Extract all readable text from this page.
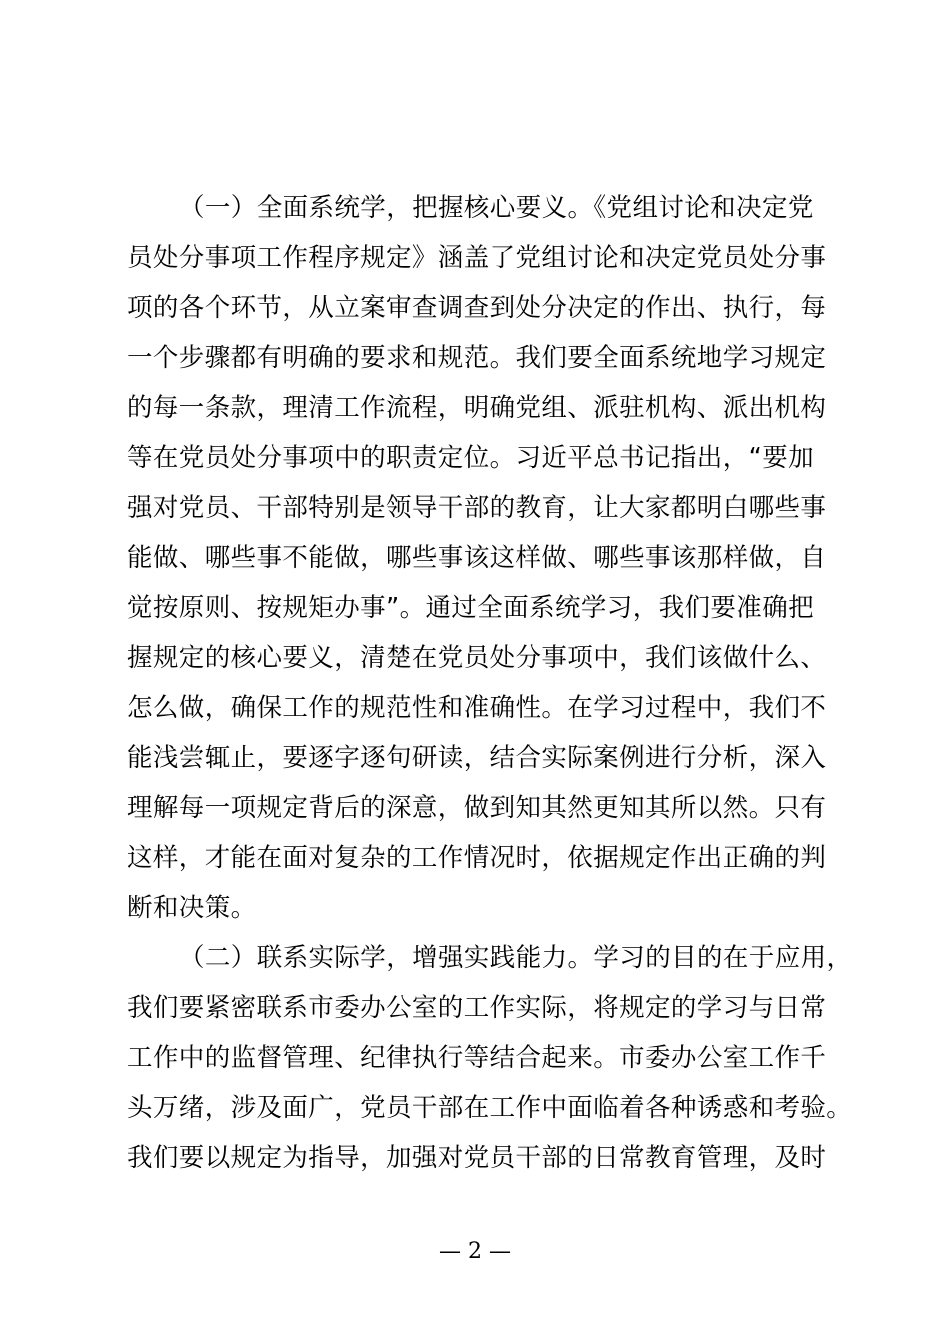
（一）全面系统学，把握核心要义。《党组讨论和决定党
员处分事项工作程序规定》涵盖了党组讨论和决定党员处分事
项的各个环节，从立案审查调查到处分决定的作出、执行，每
一个步骤都有明确的要求和规范。我们要全面系统地学习规定
的每一条款，理清工作流程，明确党组、派驻机构、派出机构
等在党员处分事项中的职责定位。习近平总书记指出，“要加
强对党员、干部特别是领导干部的教育，让大家都明白哪些事
能做、哪些事不能做，哪些事该这样做、哪些事该那样做，自
觉按原则、按规矩办事”。通过全面系统学习，我们要准确把
握规定的核心要义，清楚在党员处分事项中，我们该做什么、
怎么做，确保工作的规范性和准确性。在学习过程中，我们不
能浅尝辄止，要逐字逐句研读，结合实际案例进行分析，深入
理解每一项规定背后的深意，做到知其然更知其所以然。只有
这样，才能在面对复杂的工作情况时，依据规定作出正确的判
断和决策。
（二）联系实际学，增强实践能力。学习的目的在于应用，
我们要紧密联系市委办公室的工作实际，将规定的学习与日常
工作中的监督管理、纪律执行等结合起来。市委办公室工作千
头万绪，涉及面广，党员干部在工作中面临着各种诱惑和考验。
我们要以规定为指导，加强对党员干部的日常教育管理，及时
— 2 —
